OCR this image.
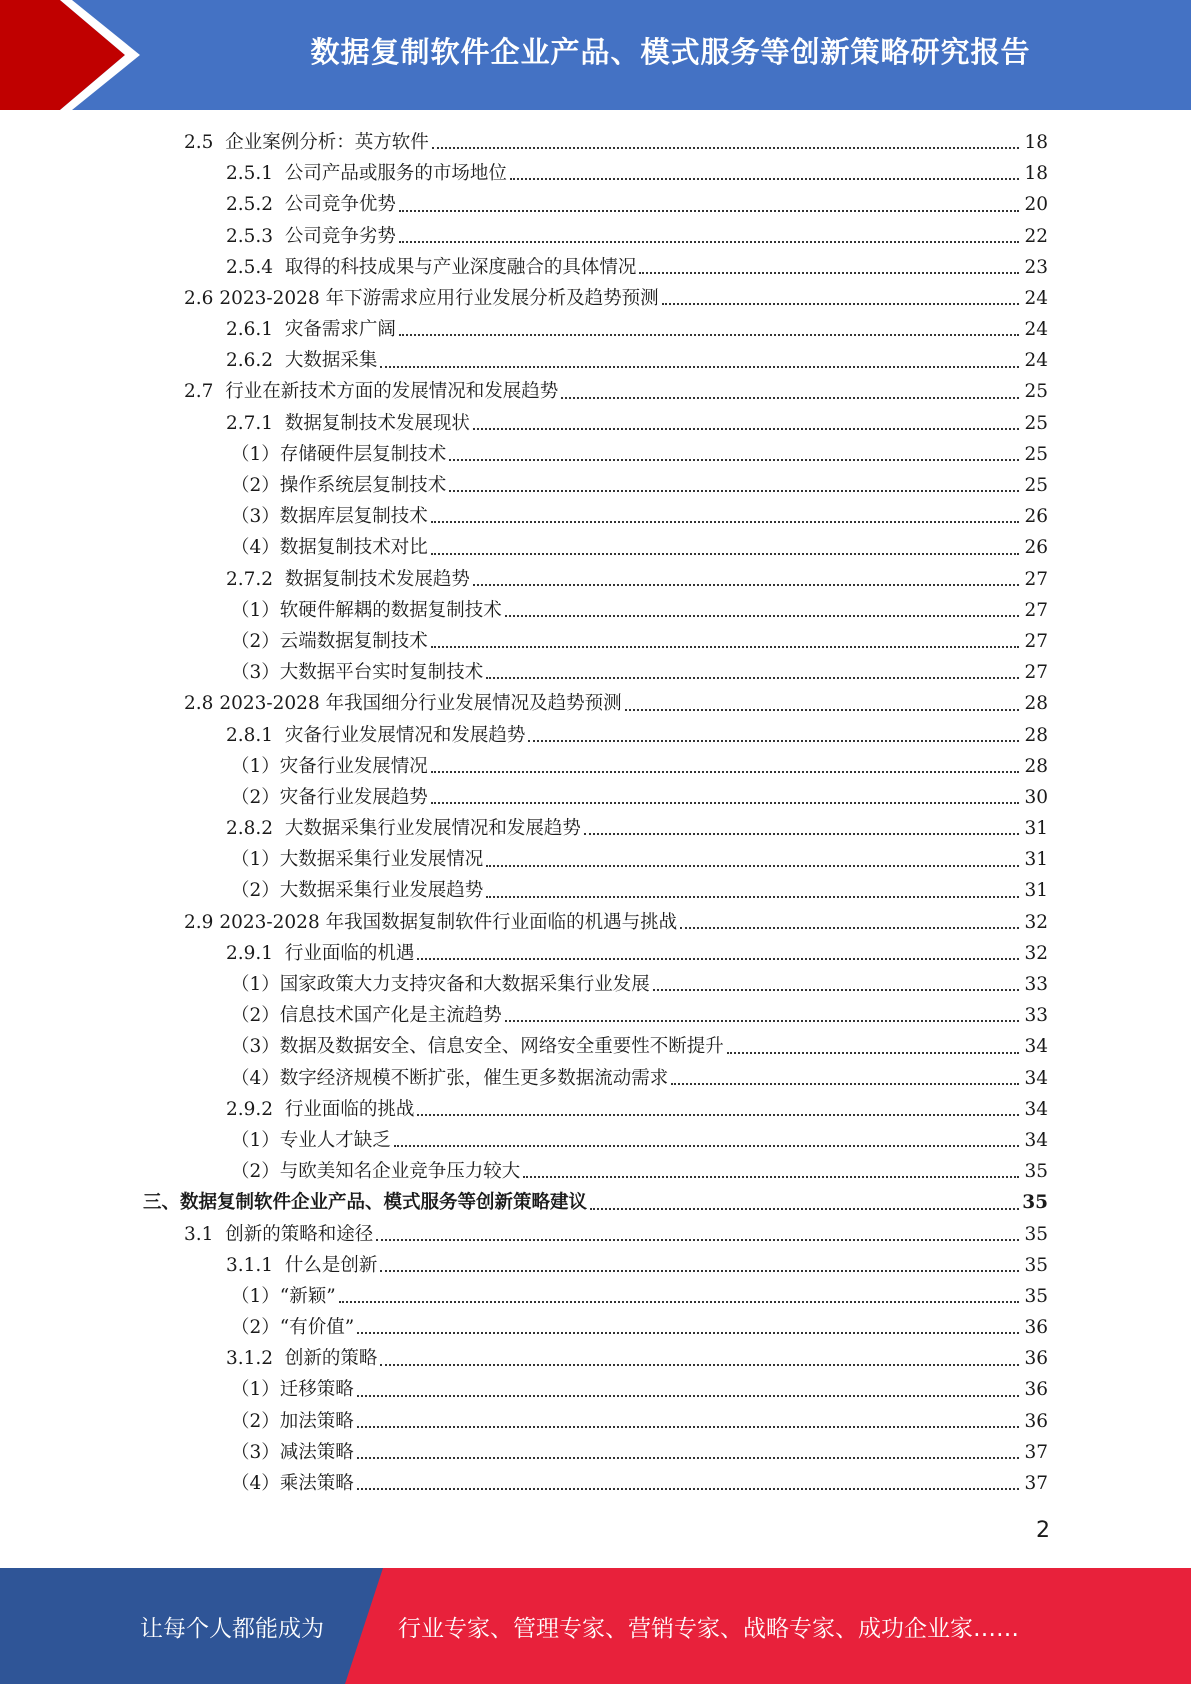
数据复制软件企业产品、模式服务等创新策略研究报告
2.5 企业案例分析：英方软件	18
2.5.1 公司产品或服务的市场地位	18
2.5.2 公司竞争优势	20
2.5.3 公司竞争劣势	22
2.5.4 取得的科技成果与产业深度融合的具体情况	23
2.6 2023-2028 年下游需求应用行业发展分析及趋势预测	24
2.6.1 灾备需求广阔	24
2.6.2 大数据采集	24
2.7 行业在新技术方面的发展情况和发展趋势	25
2.7.1 数据复制技术发展现状	25
（1） 存储硬件层复制技术	25
（2） 操作系统层复制技术	25
（3） 数据库层复制技术	26
（4） 数据复制技术对比	26
2.7.2 数据复制技术发展趋势	27
（1） 软硬件解耦的数据复制技术	27
（2） 云端数据复制技术	27
（3） 大数据平台实时复制技术	27
2.8 2023-2028 年我国细分行业发展情况及趋势预测	28
2.8.1 灾备行业发展情况和发展趋势	28
（1） 灾备行业发展情况	28
（2） 灾备行业发展趋势	30
2.8.2 大数据采集行业发展情况和发展趋势	31
（1） 大数据采集行业发展情况	31
（2） 大数据采集行业发展趋势	31
2.9 2023-2028 年我国数据复制软件行业面临的机遇与挑战	32
2.9.1 行业面临的机遇	32
（1） 国家政策大力支持灾备和大数据采集行业发展	33
（2） 信息技术国产化是主流趋势	33
（3） 数据及数据安全、信息安全、网络安全重要性不断提升	34
（4） 数字经济规模不断扩张，催生更多数据流动需求	34
2.9.2 行业面临的挑战	34
（1） 专业人才缺乏	34
（2） 与欧美知名企业竞争压力较大	35
三、 数据复制软件企业产品、模式服务等创新策略建议	35
3.1 创新的策略和途径	35
3.1.1 什么是创新	35
（1） “新颖”	35
（2） “有价值”	36
3.1.2 创新的策略	36
（1） 迁移策略	36
（2） 加法策略	36
（3） 减法策略	37
（4） 乘法策略	37
2
让每个人都能成为	行业专家、管理专家、营销专家、战略专家、成功企业家……
